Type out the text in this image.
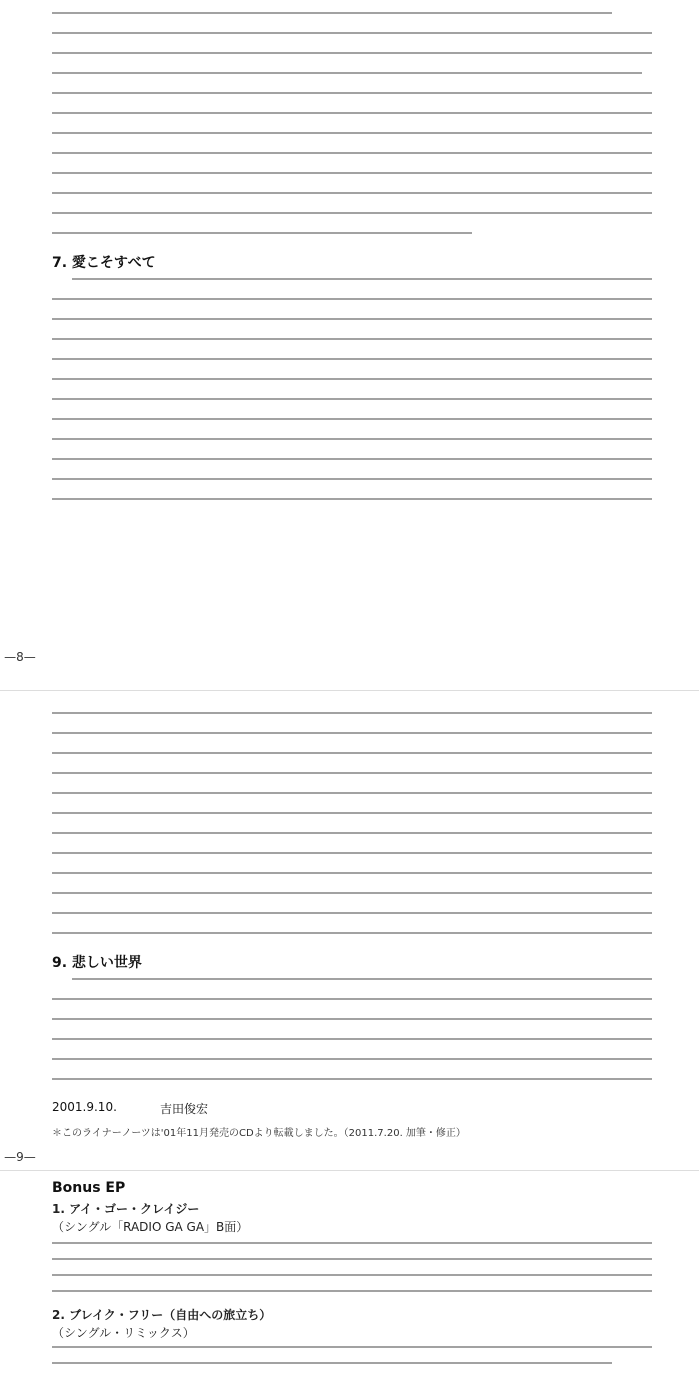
7. 愛こそすべて
—8—
9. 悲しい世界
2001.9.10.	吉田俊宏
＊このライナーノーツは'01年11月発売のCDより転載しました。（2011.7.20. 加筆・修正）
—9—
Bonus EP
1. アイ・ゴー・クレイジー
（シングル「RADIO GA GA」B面）
2. ブレイク・フリー（自由への旅立ち）
（シングル・リミックス）
